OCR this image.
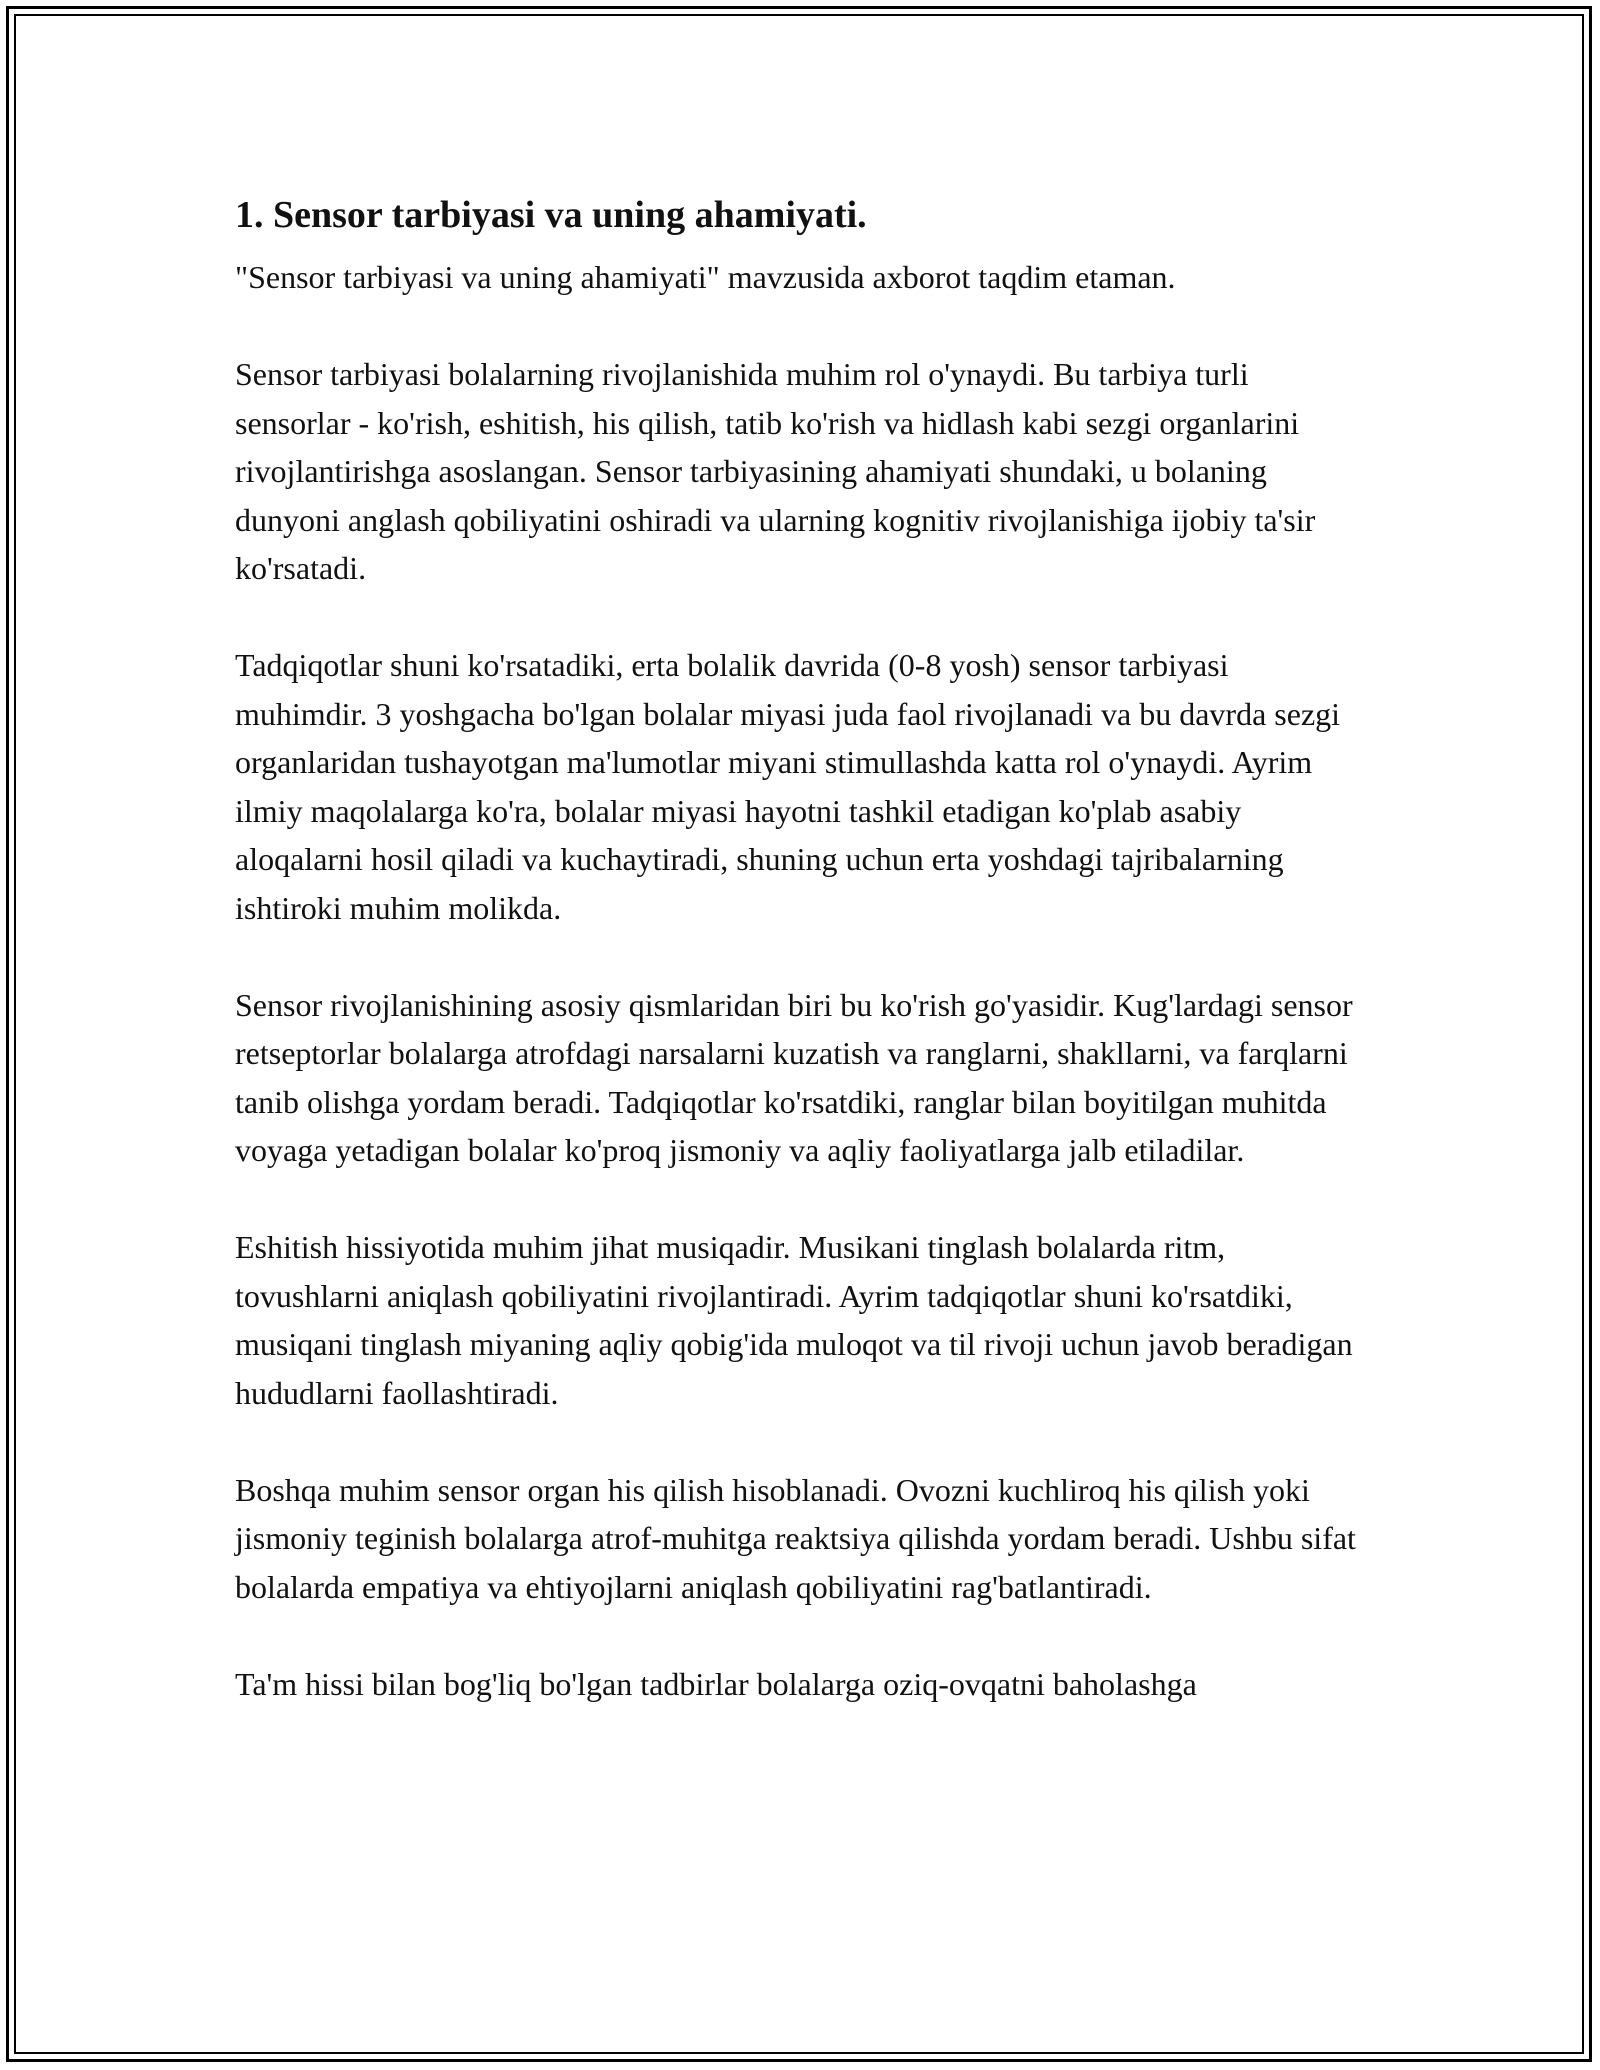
1. Sensor tarbiyasi va uning ahamiyati.

"Sensor tarbiyasi va uning ahamiyati" mavzusida axborot taqdim etaman.

Sensor tarbiyasi bolalarning rivojlanishida muhim rol o'ynaydi. Bu tarbiya turli sensorlar - ko'rish, eshitish, his qilish, tatib ko'rish va hidlash kabi sezgi organlarini rivojlantirishga asoslangan. Sensor tarbiyasining ahamiyati shundaki, u bolaning dunyoni anglash qobiliyatini oshiradi va ularning kognitiv rivojlanishiga ijobiy ta'sir ko'rsatadi.

Tadqiqotlar shuni ko'rsatadiki, erta bolalik davrida (0-8 yosh) sensor tarbiyasi muhimdir. 3 yoshgacha bo'lgan bolalar miyasi juda faol rivojlanadi va bu davrda sezgi organlaridan tushayotgan ma'lumotlar miyani stimullashda katta rol o'ynaydi. Ayrim ilmiy maqolalarga ko'ra, bolalar miyasi hayotni tashkil etadigan ko'plab asabiy aloqalarni hosil qiladi va kuchaytiradi, shuning uchun erta yoshdagi tajribalarning ishtiroki muhim molikda.

Sensor rivojlanishining asosiy qismlaridan biri bu ko'rish go'yasidir. Kug'lardagi sensor retseptorlar bolalarga atrofdagi narsalarni kuzatish va ranglarni, shakllarni, va farqlarni tanib olishga yordam beradi. Tadqiqotlar ko'rsatdiki, ranglar bilan boyitilgan muhitda voyaga yetadigan bolalar ko'proq jismoniy va aqliy faoliyatlarga jalb etiladilar.

Eshitish hissiyotida muhim jihat musiqadir. Musikani tinglash bolalarda ritm, tovushlarni aniqlash qobiliyatini rivojlantiradi. Ayrim tadqiqotlar shuni ko'rsatdiki, musiqani tinglash miyaning aqliy qobig'ida muloqot va til rivoji uchun javob beradigan hududlarni faollashtiradi.

Boshqa muhim sensor organ his qilish hisoblanadi. Ovozni kuchliroq his qilish yoki jismoniy teginish bolalarga atrof-muhitga reaktsiya qilishda yordam beradi. Ushbu sifat bolalarda empatiya va ehtiyojlarni aniqlash qobiliyatini rag'batlantiradi.

Ta'm hissi bilan bog'liq bo'lgan tadbirlar bolalarga oziq-ovqatni baholashga
